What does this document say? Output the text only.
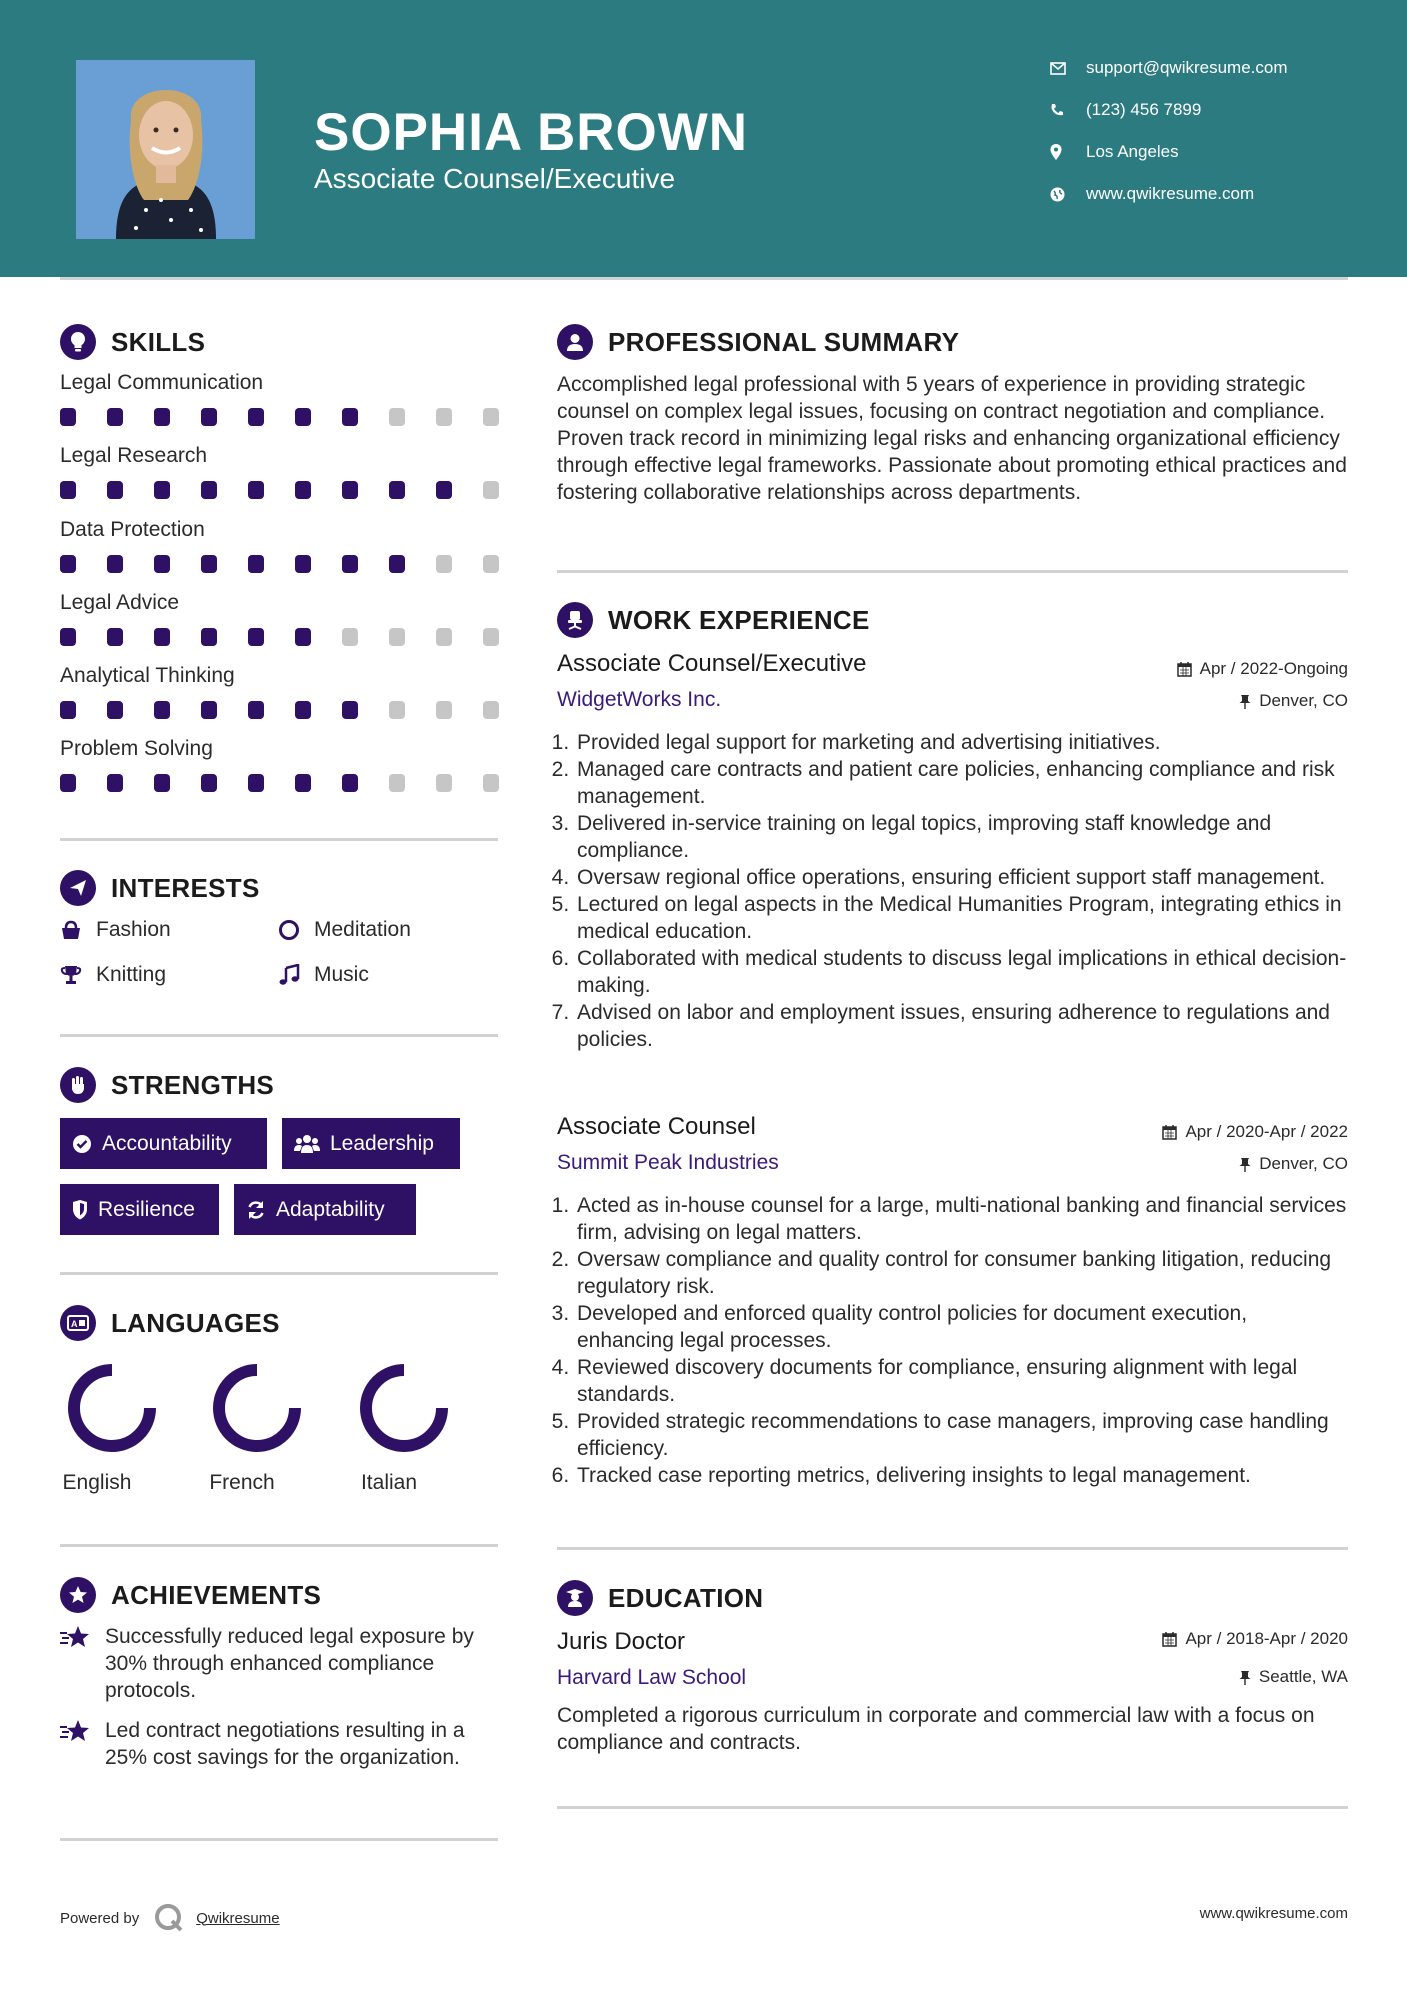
SOPHIA BROWN
Associate Counsel/Executive
support@qwikresume.com
(123) 456 7899
Los Angeles
www.qwikresume.com
SKILLS
Legal Communication
Legal Research
Data Protection
Legal Advice
Analytical Thinking
Problem Solving
INTERESTS
Fashion	Meditation
Knitting	Music
STRENGTHS
Accountability	Leadership
Resilience	Adaptability
A LANGUAGES
English	French	Italian
ACHIEVEMENTS
Successfully reduced legal exposure by 30% through enhanced compliance protocols.
Led contract negotiations resulting in a 25% cost savings for the organization.
PROFESSIONAL SUMMARY
Accomplished legal professional with 5 years of experience in providing strategic counsel on complex legal issues, focusing on contract negotiation and compliance. Proven track record in minimizing legal risks and enhancing organizational efficiency through effective legal frameworks. Passionate about promoting ethical practices and fostering collaborative relationships across departments.
WORK EXPERIENCE
Associate Counsel/Executive	Apr / 2022-Ongoing
WidgetWorks Inc.	Denver, CO
1. Provided legal support for marketing and advertising initiatives.
2. Managed care contracts and patient care policies, enhancing compliance and risk management.
3. Delivered in-service training on legal topics, improving staff knowledge and compliance.
4. Oversaw regional office operations, ensuring efficient support staff management.
5. Lectured on legal aspects in the Medical Humanities Program, integrating ethics in medical education.
6. Collaborated with medical students to discuss legal implications in ethical decision-making.
7. Advised on labor and employment issues, ensuring adherence to regulations and policies.
Associate Counsel	Apr / 2020-Apr / 2022
Summit Peak Industries	Denver, CO
1. Acted as in-house counsel for a large, multi-national banking and financial services firm, advising on legal matters.
2. Oversaw compliance and quality control for consumer banking litigation, reducing regulatory risk.
3. Developed and enforced quality control policies for document execution, enhancing legal processes.
4. Reviewed discovery documents for compliance, ensuring alignment with legal standards.
5. Provided strategic recommendations to case managers, improving case handling efficiency.
6. Tracked case reporting metrics, delivering insights to legal management.
EDUCATION
Juris Doctor	Apr / 2018-Apr / 2020
Harvard Law School	Seattle, WA
Completed a rigorous curriculum in corporate and commercial law with a focus on compliance and contracts.
Powered by	Qwikresume	www.qwikresume.com
